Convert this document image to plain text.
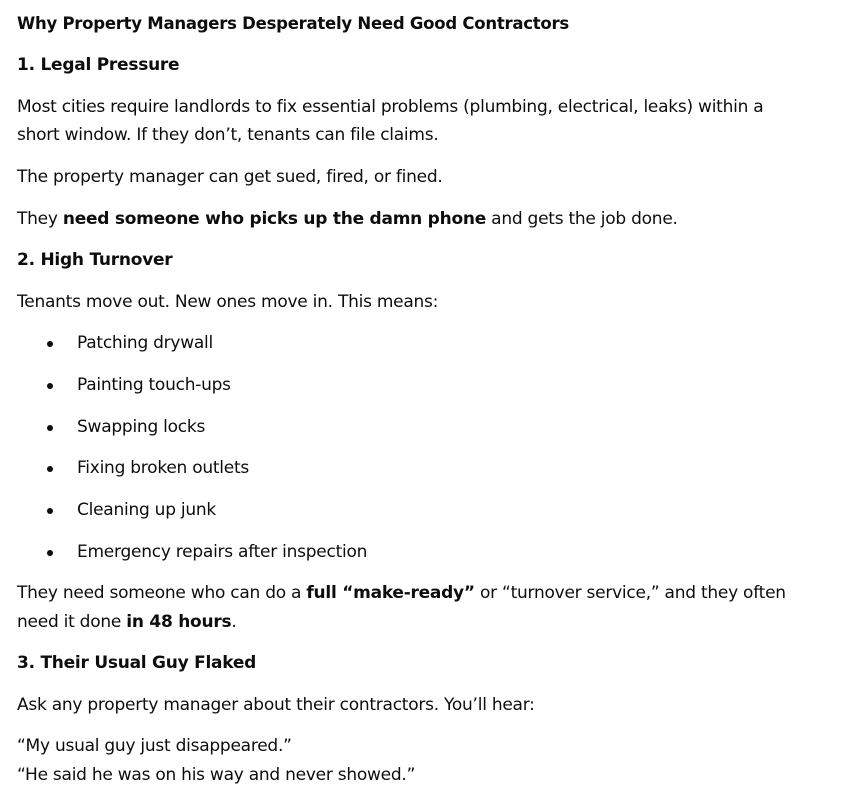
Why Property Managers Desperately Need Good Contractors
1. Legal Pressure
Most cities require landlords to fix essential problems (plumbing, electrical, leaks) within a
short window. If they don’t, tenants can file claims.
The property manager can get sued, fired, or fined.
They need someone who picks up the damn phone and gets the job done.
2. High Turnover
Tenants move out. New ones move in. This means:
Patching drywall
Painting touch-ups
Swapping locks
Fixing broken outlets
Cleaning up junk
Emergency repairs after inspection
They need someone who can do a full “make-ready” or “turnover service,” and they often
need it done in 48 hours.
3. Their Usual Guy Flaked
Ask any property manager about their contractors. You’ll hear:
“My usual guy just disappeared.”
“He said he was on his way and never showed.”
